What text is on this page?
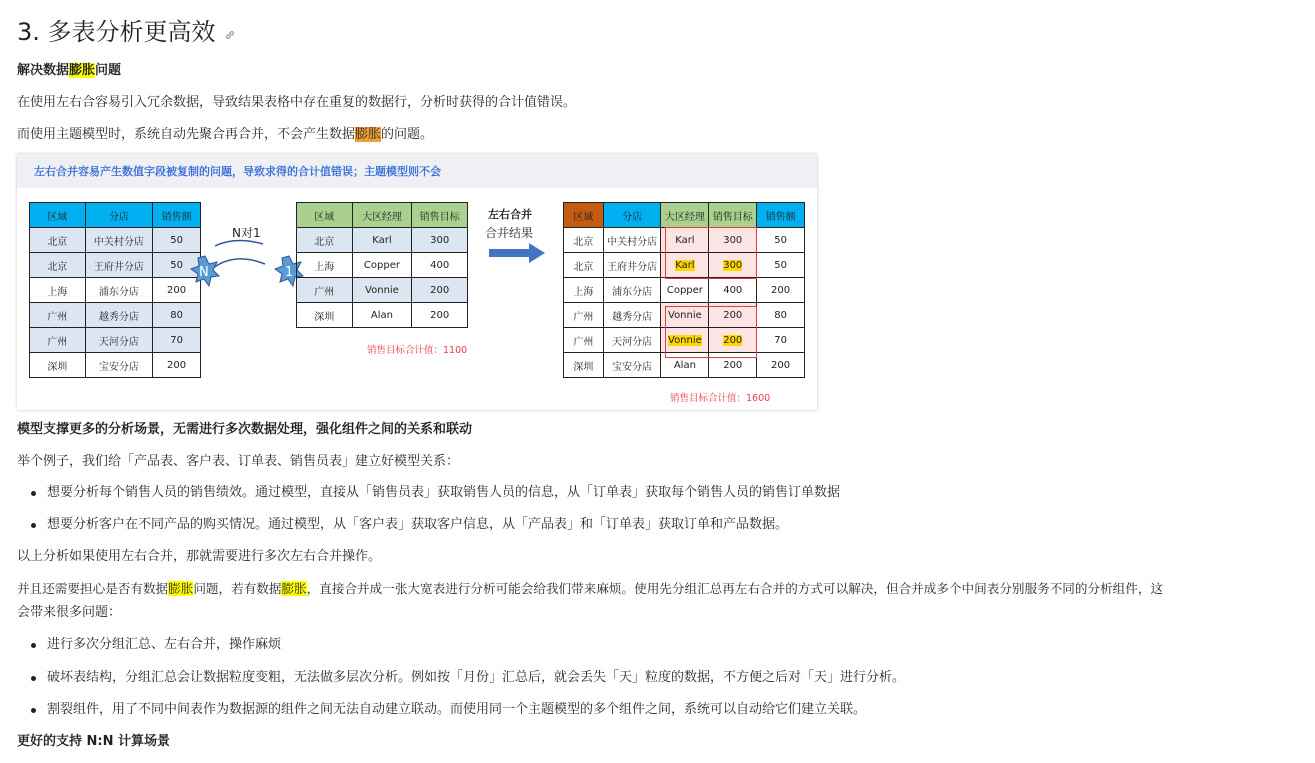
3. 多表分析更高效
解决数据膨胀问题
在使用左右合容易引入冗余数据，导致结果表格中存在重复的数据行，分析时获得的合计值错误。
而使用主题模型时，系统自动先聚合再合并，不会产生数据膨胀的问题。
左右合并容易产生数值字段被复制的问题，导致求得的合计值错误；主题模型则不会
区域	分店	销售额
北京	中关村分店	50
北京	王府井分店	50
上海	浦东分店	200
广州	越秀分店	80
广州	天河分店	70
深圳	宝安分店	200
N对1
N	1
区域	大区经理	销售目标
北京	Karl	300
上海	Copper	400
广州	Vonnie	200
深圳	Alan	200
销售目标合计值：1100
左右合并
合并结果
区域	分店	大区经理	销售目标	销售额
北京	中关村分店	Karl	300	50
北京	王府井分店	Karl	300	50
上海	浦东分店	Copper	400	200
广州	越秀分店	Vonnie	200	80
广州	天河分店	Vonnie	200	70
深圳	宝安分店	Alan	200	200
销售目标合计值：1600
模型支撑更多的分析场景，无需进行多次数据处理，强化组件之间的关系和联动
举个例子，我们给「产品表、客户表、订单表、销售员表」建立好模型关系：
想要分析每个销售人员的销售绩效。通过模型，直接从「销售员表」获取销售人员的信息，从「订单表」获取每个销售人员的销售订单数据
想要分析客户在不同产品的购买情况。通过模型，从「客户表」获取客户信息，从「产品表」和「订单表」获取订单和产品数据。
以上分析如果使用左右合并，那就需要进行多次左右合并操作。
并且还需要担心是否有数据膨胀问题，若有数据膨胀，直接合并成一张大宽表进行分析可能会给我们带来麻烦。使用先分组汇总再左右合并的方式可以解决，但合并成多个中间表分别服务不同的分析组件，这
会带来很多问题：
进行多次分组汇总、左右合并，操作麻烦
破坏表结构，分组汇总会让数据粒度变粗，无法做多层次分析。例如按「月份」汇总后，就会丢失「天」粒度的数据，不方便之后对「天」进行分析。
割裂组件，用了不同中间表作为数据源的组件之间无法自动建立联动。而使用同一个主题模型的多个组件之间，系统可以自动给它们建立关联。
更好的支持 N:N 计算场景
